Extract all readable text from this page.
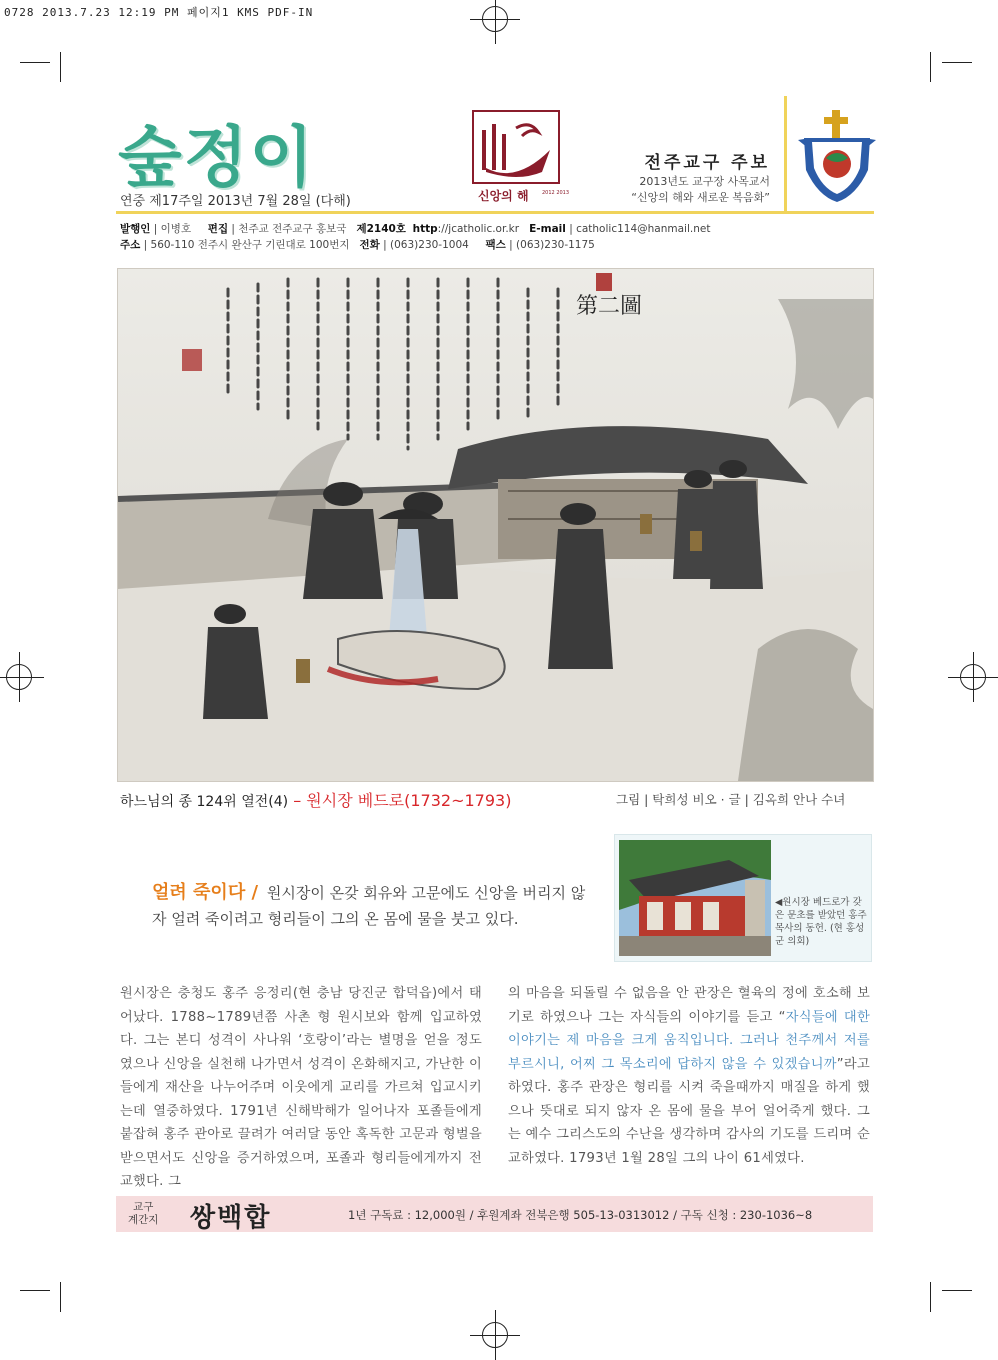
0728 2013.7.23 12:19 PM 페이지1 KMS PDF-IN
숲정이
연중 제17주일 2013년 7월 28일 (다해)	신앙의 해	2012 2013
전주교구 주보
2013년도 교구장 사목교서
“신앙의 해와 새로운 복음화”
발행인 | 이병호 편집 | 천주교 전주교구 홍보국 제2140호 http://jcatholic.or.kr E-mail | catholic114@hanmail.net
주소 | 560-110 전주시 완산구 기린대로 100번지 전화 | (063)230-1004 팩스 | (063)230-1175
第二圖
하느님의 종 124위 열전(4) – 원시장 베드로(1732~1793)	그림 | 탁희성 비오 · 글 | 김옥희 안나 수녀
얼려 죽이다 / 원시장이 온갖 회유와 고문에도 신앙을 버리지 않자 얼려 죽이려고 형리들이 그의 온 몸에 물을 붓고 있다.
◀원시장 베드로가 갖은 문초를 받았던 홍주 목사의 동헌. (현 홍성군 의회)
원시장은 충청도 홍주 응정리(현 충남 당진군 합덕읍)에서 태어났다. 1788~1789년쯤 사촌 형 원시보와 함께 입교하였다. 그는 본디 성격이 사나워 ‘호랑이’라는 별명을 얻을 정도였으나 신앙을 실천해 나가면서 성격이 온화해지고, 가난한 이들에게 재산을 나누어주며 이웃에게 교리를 가르쳐 입교시키는데 열중하였다. 1791년 신해박해가 일어나자 포졸들에게 붙잡혀 홍주 관아로 끌려가 여러달 동안 혹독한 고문과 형벌을 받으면서도 신앙을 증거하였으며, 포졸과 형리들에게까지 전교했다. 그
의 마음을 되돌릴 수 없음을 안 관장은 혈육의 정에 호소해 보기로 하였으나 그는 자식들의 이야기를 듣고 “자식들에 대한 이야기는 제 마음을 크게 움직입니다. 그러나 천주께서 저를 부르시니, 어찌 그 목소리에 답하지 않을 수 있겠습니까”라고 하였다. 홍주 관장은 형리를 시켜 죽을때까지 매질을 하게 했으나 뜻대로 되지 않자 온 몸에 물을 부어 얼어죽게 했다. 그는 예수 그리스도의 수난을 생각하며 감사의 기도를 드리며 순교하였다. 1793년 1월 28일 그의 나이 61세였다.
교구
계간지 쌍백합	1년 구독료 : 12,000원 / 후원계좌 전북은행 505-13-0313012 / 구독 신청 : 230-1036~8
